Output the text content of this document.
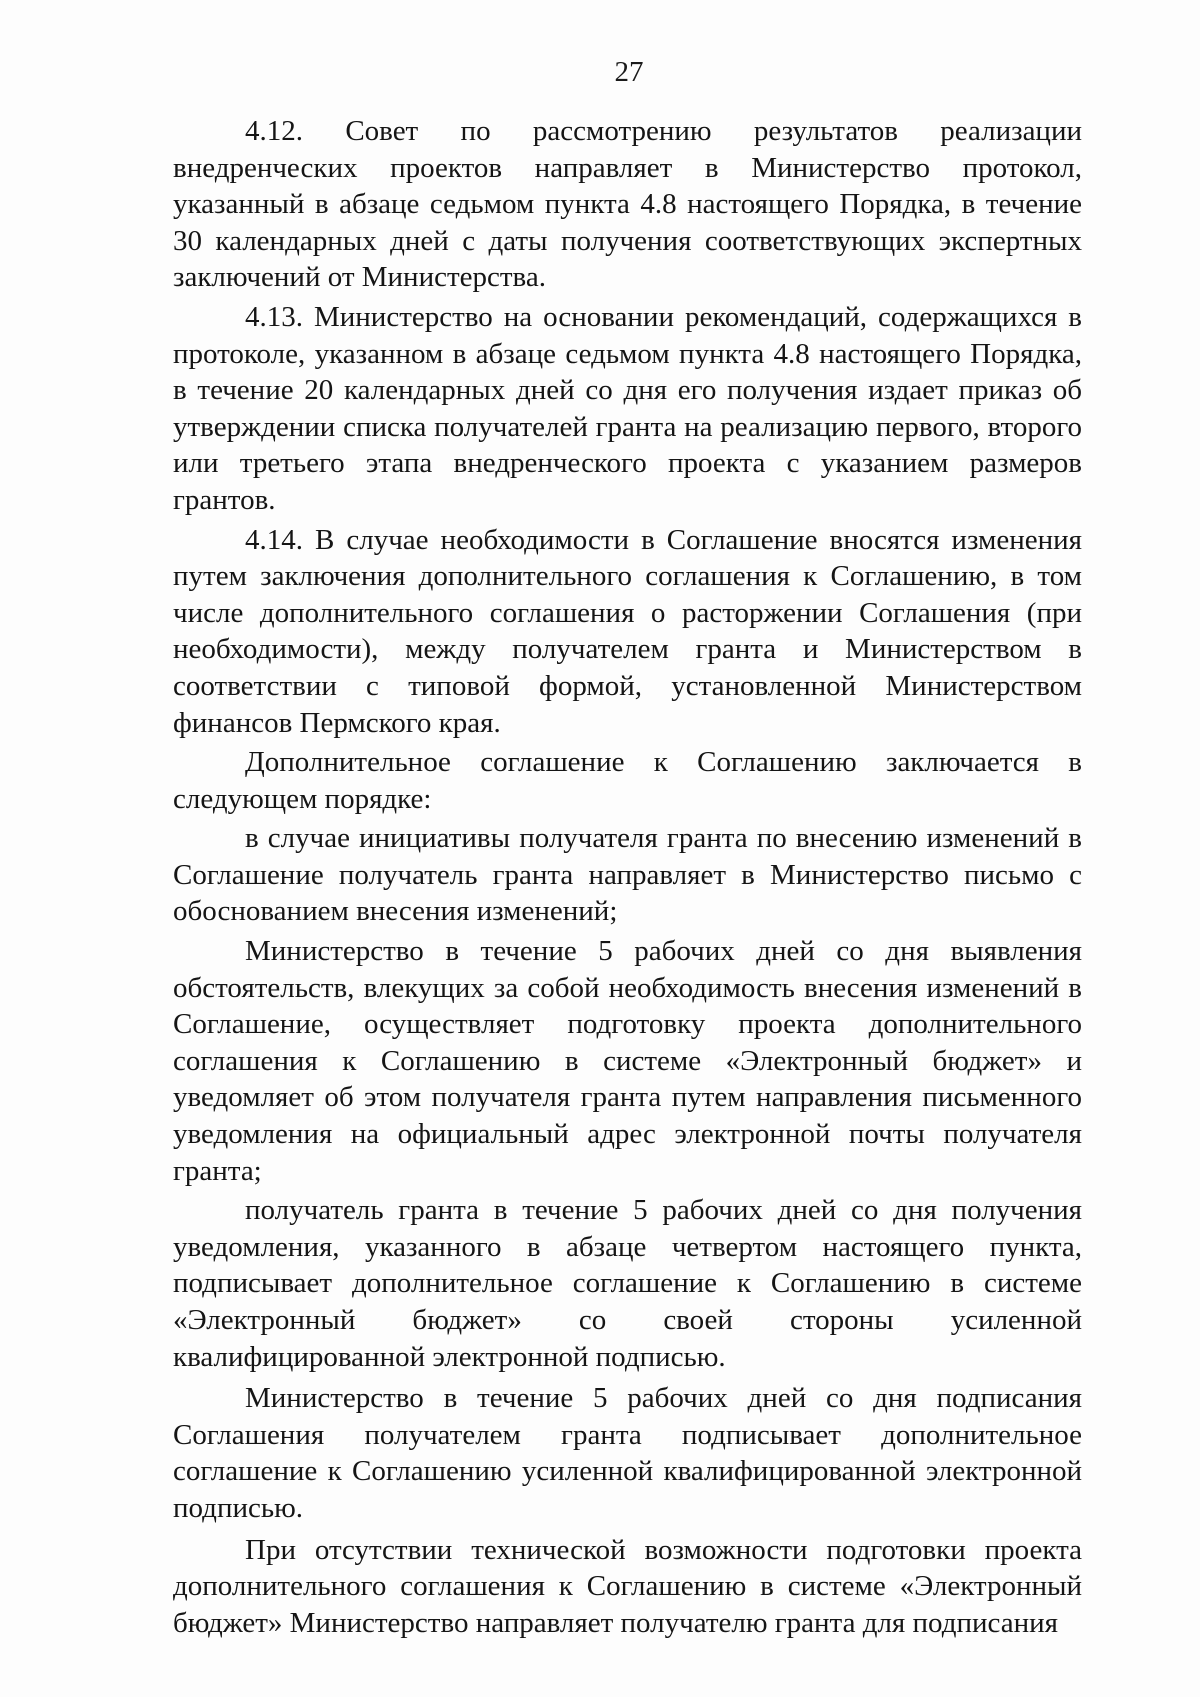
27

4.12. Совет по рассмотрению результатов реализации внедренческих проектов направляет в Министерство протокол, указанный в абзаце седьмом пункта 4.8 настоящего Порядка, в течение 30 календарных дней с даты получения соответствующих экспертных заключений от Министерства.

4.13. Министерство на основании рекомендаций, содержащихся в протоколе, указанном в абзаце седьмом пункта 4.8 настоящего Порядка, в течение 20 календарных дней со дня его получения издает приказ об утверждении списка получателей гранта на реализацию первого, второго или третьего этапа внедренческого проекта с указанием размеров грантов.

4.14. В случае необходимости в Соглашение вносятся изменения путем заключения дополнительного соглашения к Соглашению, в том числе дополнительного соглашения о расторжении Соглашения (при необходимости), между получателем гранта и Министерством в соответствии с типовой формой, установленной Министерством финансов Пермского края.

Дополнительное соглашение к Соглашению заключается в следующем порядке:

в случае инициативы получателя гранта по внесению изменений в Соглашение получатель гранта направляет в Министерство письмо с обоснованием внесения изменений;

Министерство в течение 5 рабочих дней со дня выявления обстоятельств, влекущих за собой необходимость внесения изменений в Соглашение, осуществляет подготовку проекта дополнительного соглашения к Соглашению в системе «Электронный бюджет» и уведомляет об этом получателя гранта путем направления письменного уведомления на официальный адрес электронной почты получателя гранта;

получатель гранта в течение 5 рабочих дней со дня получения уведомления, указанного в абзаце четвертом настоящего пункта, подписывает дополнительное соглашение к Соглашению в системе «Электронный бюджет» со своей стороны усиленной квалифицированной электронной подписью.

Министерство в течение 5 рабочих дней со дня подписания Соглашения получателем гранта подписывает дополнительное соглашение к Соглашению усиленной квалифицированной электронной подписью.

При отсутствии технической возможности подготовки проекта дополнительного соглашения к Соглашению в системе «Электронный бюджет» Министерство направляет получателю гранта для подписания
